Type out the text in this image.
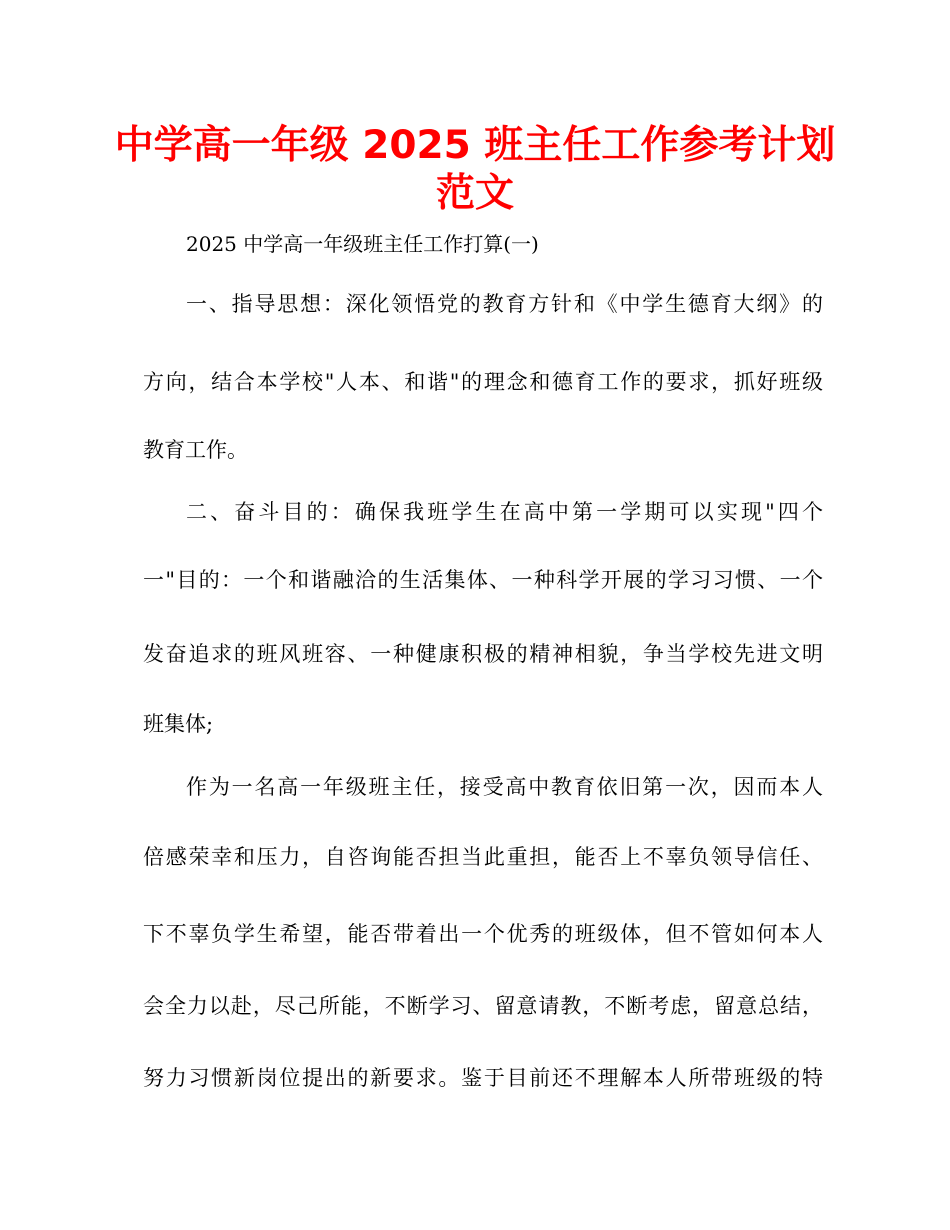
中学高一年级 2025 班主任工作参考计划
范文
2025 中学高一年级班主任工作打算(一)
一、指导思想：深化领悟党的教育方针和《中学生德育大纲》的
方向，结合本学校"人本、和谐"的理念和德育工作的要求，抓好班级
教育工作。
二、奋斗目的：确保我班学生在高中第一学期可以实现"四个
一"目的：一个和谐融洽的生活集体、一种科学开展的学习习惯、一个
发奋追求的班风班容、一种健康积极的精神相貌，争当学校先进文明
班集体;
作为一名高一年级班主任，接受高中教育依旧第一次，因而本人
倍感荣幸和压力，自咨询能否担当此重担，能否上不辜负领导信任、
下不辜负学生希望，能否带着出一个优秀的班级体，但不管如何本人
会全力以赴，尽己所能，不断学习、留意请教，不断考虑，留意总结，
努力习惯新岗位提出的新要求。鉴于目前还不理解本人所带班级的特
